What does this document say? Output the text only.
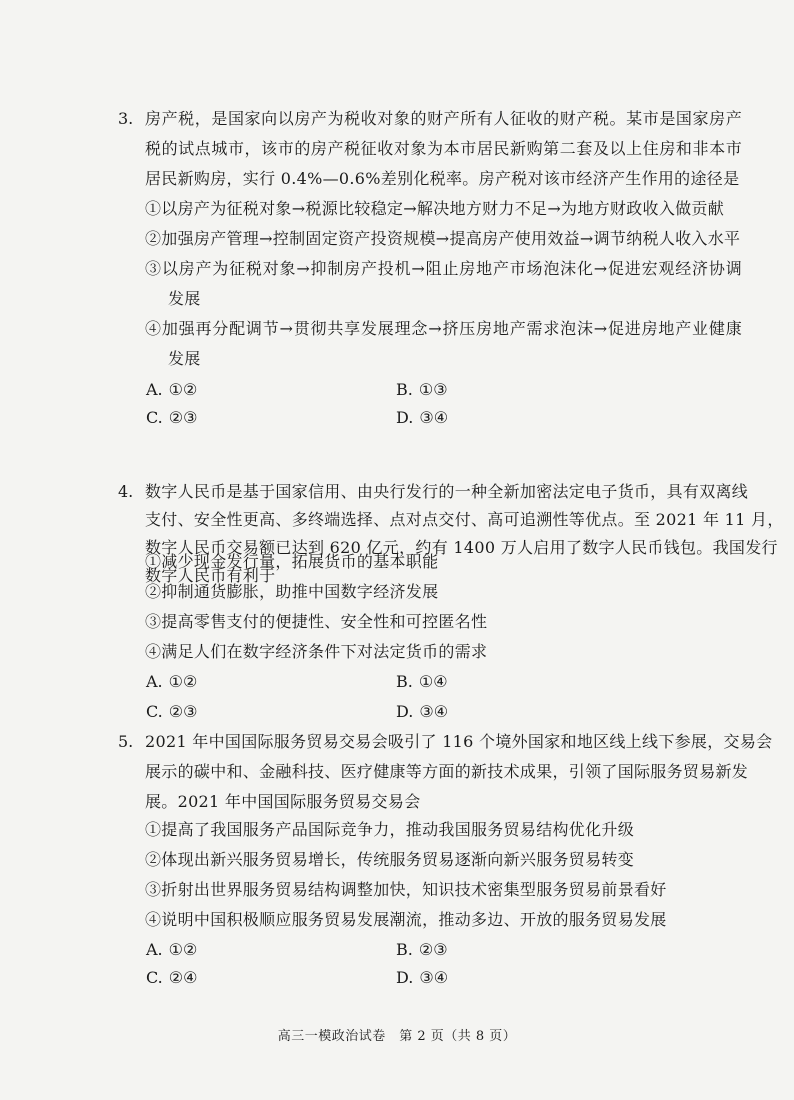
3. 房产税，是国家向以房产为税收对象的财产所有人征收的财产税。某市是国家房产
税的试点城市，该市的房产税征收对象为本市居民新购第二套及以上住房和非本市
居民新购房，实行 0.4%—0.6%差别化税率。房产税对该市经济产生作用的途径是
①以房产为征税对象→税源比较稳定→解决地方财力不足→为地方财政收入做贡献
②加强房产管理→控制固定资产投资规模→提高房产使用效益→调节纳税人收入水平
③以房产为征税对象→抑制房产投机→阻止房地产市场泡沫化→促进宏观经济协调
发展
④加强再分配调节→贯彻共享发展理念→挤压房地产需求泡沫→促进房地产业健康
发展
A. ①②	B. ①③
C. ②③	D. ③④
4. 数字人民币是基于国家信用、由央行发行的一种全新加密法定电子货币，具有双离线
支付、安全性更高、多终端选择、点对点交付、高可追溯性等优点。至 2021 年 11 月，
数字人民币交易额已达到 620 亿元，约有 1400 万人启用了数字人民币钱包。我国发行
数字人民币有利于
①减少现金发行量，拓展货币的基本职能
②抑制通货膨胀，助推中国数字经济发展
③提高零售支付的便捷性、安全性和可控匿名性
④满足人们在数字经济条件下对法定货币的需求
A. ①②	B. ①④
C. ②③	D. ③④
5. 2021 年中国国际服务贸易交易会吸引了 116 个境外国家和地区线上线下参展，交易会
展示的碳中和、金融科技、医疗健康等方面的新技术成果，引领了国际服务贸易新发
展。2021 年中国国际服务贸易交易会
①提高了我国服务产品国际竞争力，推动我国服务贸易结构优化升级
②体现出新兴服务贸易增长，传统服务贸易逐渐向新兴服务贸易转变
③折射出世界服务贸易结构调整加快，知识技术密集型服务贸易前景看好
④说明中国积极顺应服务贸易发展潮流，推动多边、开放的服务贸易发展
A. ①②	B. ②③
C. ②④	D. ③④
高三一模政治试卷　第 2 页（共 8 页）
